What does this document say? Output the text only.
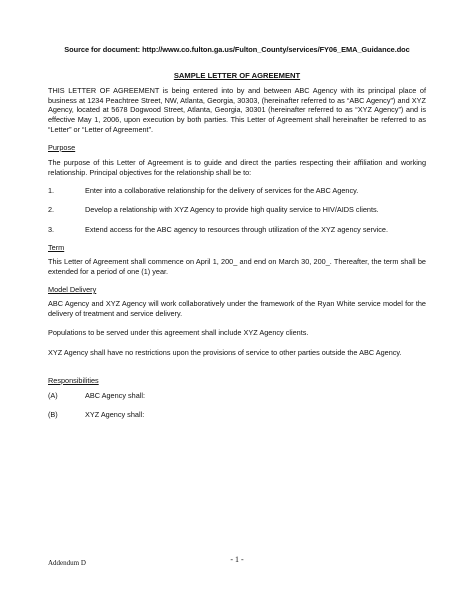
Source for document: http://www.co.fulton.ga.us/Fulton_County/services/FY06_EMA_Guidance.doc
SAMPLE LETTER OF AGREEMENT
THIS LETTER OF AGREEMENT is being entered into by and between ABC Agency with its principal place of business at 1234 Peachtree Street, NW, Atlanta, Georgia, 30303, (hereinafter referred to as “ABC Agency”) and XYZ Agency, located at 5678 Dogwood Street, Atlanta, Georgia, 30301 (hereinafter referred to as “XYZ Agency”) and is effective May 1, 2006, upon execution by both parties. This Letter of Agreement shall hereinafter be referred to as “Letter” or “Letter of Agreement”.
Purpose
The purpose of this Letter of Agreement is to guide and direct the parties respecting their affiliation and working relationship. Principal objectives for the relationship shall be to:
1.	Enter into a collaborative relationship for the delivery of services for the ABC Agency.
2.	Develop a relationship with XYZ Agency to provide high quality service to HIV/AIDS clients.
3.	Extend access for the ABC agency to resources through utilization of the XYZ agency service.
Term
This Letter of Agreement shall commence on April 1, 200_ and end on March 30, 200_. Thereafter, the term shall be extended for a period of one (1) year.
Model Delivery
ABC Agency and XYZ Agency will work collaboratively under the framework of the Ryan White service model for the delivery of treatment and service delivery.
Populations to be served under this agreement shall include XYZ Agency clients.
XYZ Agency shall have no restrictions upon the provisions of service to other parties outside the ABC Agency.
Responsibilities
(A)	ABC Agency shall:
(B)	XYZ Agency shall:
Addendum D	- 1 -
